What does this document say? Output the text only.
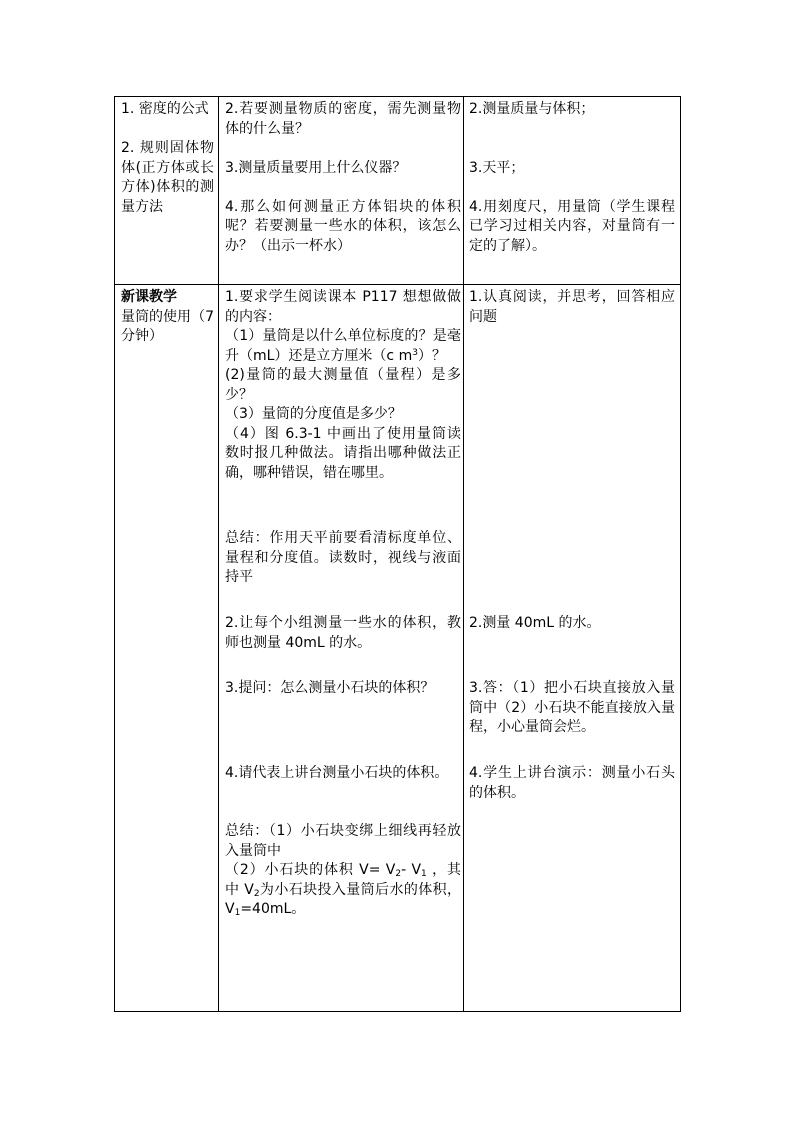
1. 密度的公式
2. 规则固体物体(正方体或长方体)体积的测量方法
2.若要测量物质的密度，需先测量物体的什么量？
3.测量质量要用上什么仪器？
4.那么如何测量正方体铝块的体积呢？若要测量一些水的体积，该怎么办？（出示一杯水）
2.测量质量与体积；
3.天平；
4.用刻度尺，用量筒（学生课程已学习过相关内容，对量筒有一定的了解）。
新课教学
量筒的使用（7 分钟）
1.要求学生阅读课本 P117 想想做做的内容：
（1）量筒是以什么单位标度的？是毫升（mL）还是立方厘米（c $m^3$）？
(2)量筒的最大测量值（量程）是多少？
（3）量筒的分度值是多少？
（4）图 6.3-1 中画出了使用量筒读数时报几种做法。请指出哪种做法正确，哪种错误，错在哪里。
总结：作用天平前要看清标度单位、量程和分度值。读数时，视线与液面持平
2.让每个小组测量一些水的体积，教师也测量 40mL 的水。
3.提问：怎么测量小石块的体积？
4.请代表上讲台测量小石块的体积。
总结：（1）小石块变绑上细线再轻放入量筒中
（2）小石块的体积 $V= V_2-$ $V_1$ ，其中 $V_2$为小石块投入量筒后水的体积，$V_1=40mL$。
1.认真阅读，并思考，回答相应问题
2.测量 40mL 的水。
3.答：（1）把小石块直接放入量筒中（2）小石块不能直接放入量程，小心量筒会烂。
4.学生上讲台演示：测量小石头的体积。
